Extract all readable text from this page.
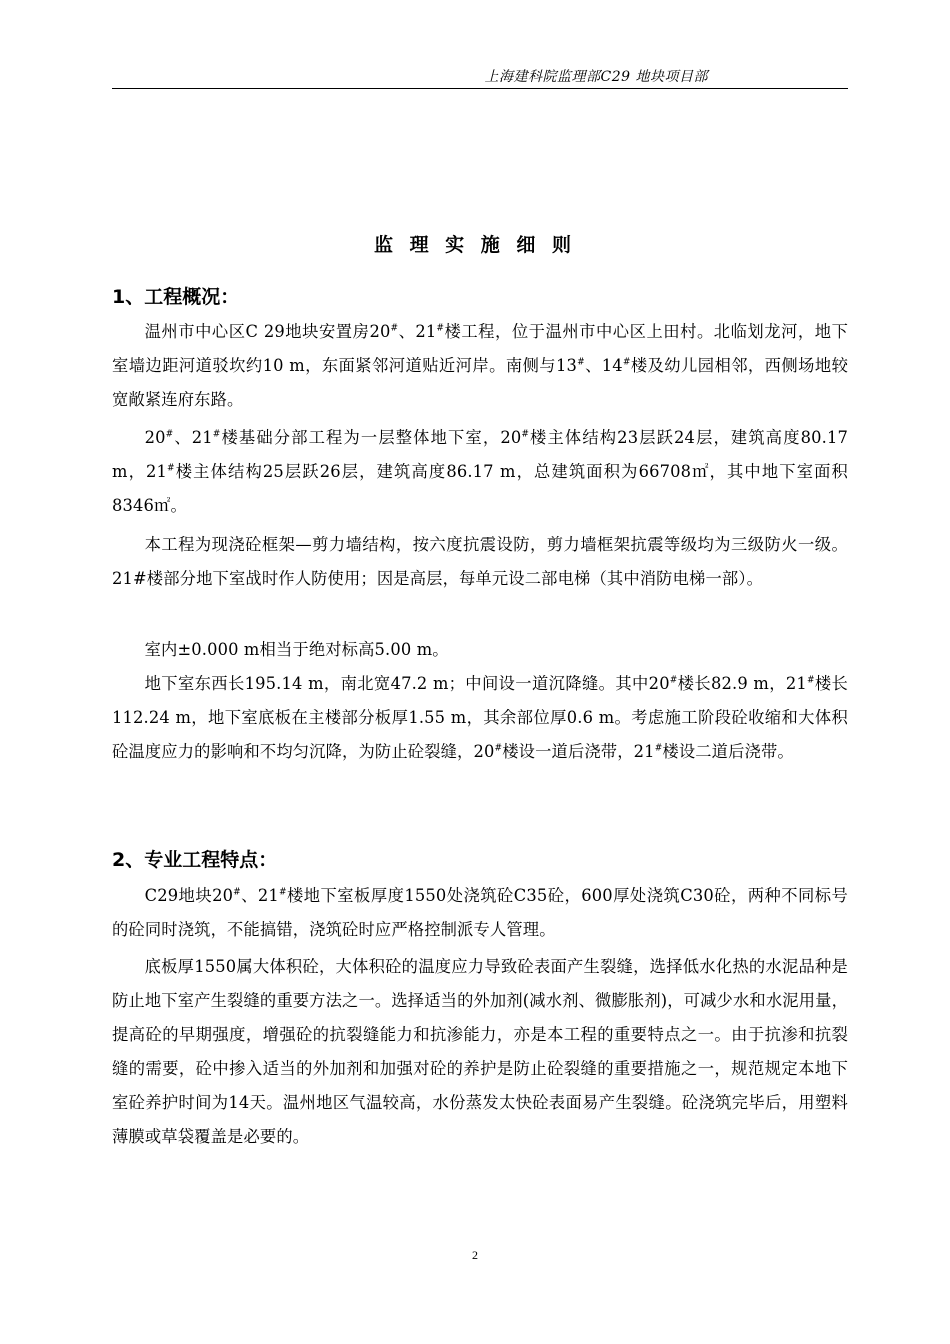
上海建科院监理部C29 地块项目部
监 理 实 施 细 则
1、工程概况：

温州市中心区C 29地块安置房20#、21#楼工程，位于温州市中心区上田村。北临划龙河，地下室墙边距河道驳坎约10 m，东面紧邻河道贴近河岸。南侧与13#、14#楼及幼儿园相邻，西侧场地较宽敞紧连府东路。

20#、21#楼基础分部工程为一层整体地下室，20#楼主体结构23层跃24层，建筑高度80.17 m，21#楼主体结构25层跃26层，建筑高度86.17 m，总建筑面积为66708㎡，其中地下室面积8346㎡。

本工程为现浇砼框架—剪力墙结构，按六度抗震设防，剪力墙框架抗震等级均为三级防火一级。21#楼部分地下室战时作人防使用；因是高层，每单元设二部电梯（其中消防电梯一部）。

室内±0.000 m相当于绝对标高5.00 m。

地下室东西长195.14 m，南北宽47.2 m；中间设一道沉降缝。其中20#楼长82.9 m，21#楼长112.24 m，地下室底板在主楼部分板厚1.55 m，其余部位厚0.6 m。考虑施工阶段砼收缩和大体积砼温度应力的影响和不均匀沉降，为防止砼裂缝，20#楼设一道后浇带，21#楼设二道后浇带。

2、专业工程特点：

C29地块20#、21#楼地下室板厚度1550处浇筑砼C35砼，600厚处浇筑C30砼，两种不同标号的砼同时浇筑，不能搞错，浇筑砼时应严格控制派专人管理。

底板厚1550属大体积砼，大体积砼的温度应力导致砼表面产生裂缝，选择低水化热的水泥品种是防止地下室产生裂缝的重要方法之一。选择适当的外加剂(减水剂、微膨胀剂)，可减少水和水泥用量，提高砼的早期强度，增强砼的抗裂缝能力和抗渗能力，亦是本工程的重要特点之一。由于抗渗和抗裂缝的需要，砼中掺入适当的外加剂和加强对砼的养护是防止砼裂缝的重要措施之一，规范规定本地下室砼养护时间为14天。温州地区气温较高，水份蒸发太快砼表面易产生裂缝。砼浇筑完毕后，用塑料薄膜或草袋覆盖是必要的。

2
